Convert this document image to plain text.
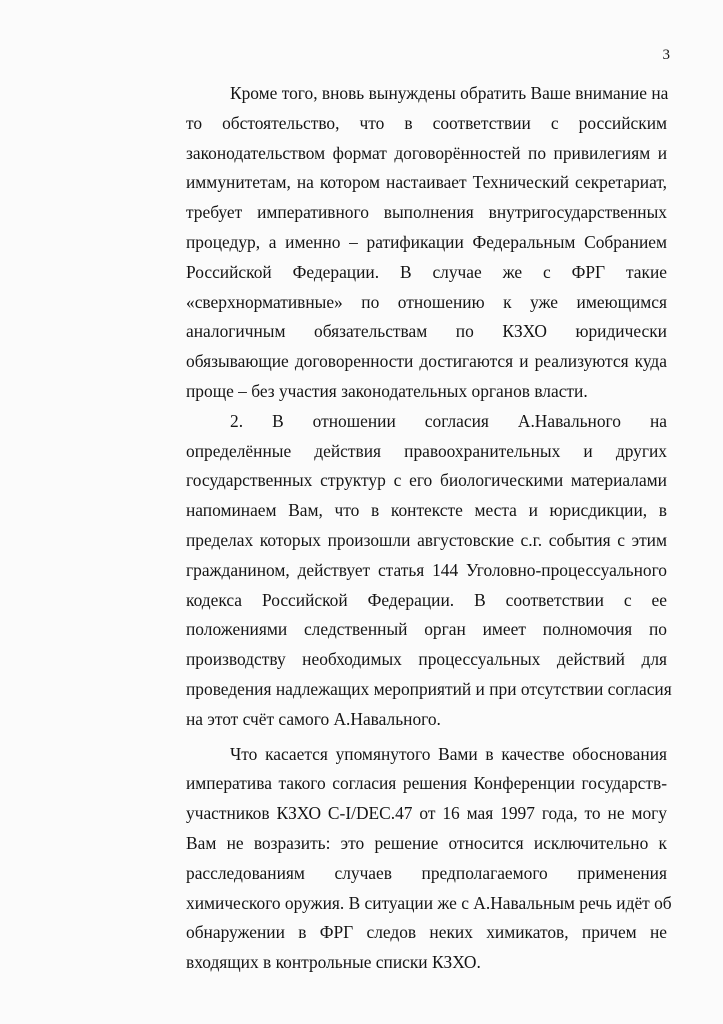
3
Кроме того, вновь вынуждены обратить Ваше внимание на
то обстоятельство, что в соответствии с российским
законодательством формат договорённостей по привилегиям и
иммунитетам, на котором настаивает Технический секретариат,
требует императивного выполнения внутригосударственных
процедур, а именно – ратификации Федеральным Собранием
Российской Федерации. В случае же с ФРГ такие
«сверхнормативные» по отношению к уже имеющимся
аналогичным обязательствам по КЗХО юридически
обязывающие договоренности достигаются и реализуются куда
проще – без участия законодательных органов власти.
2. В отношении согласия А.Навального на
определённые действия правоохранительных и других
государственных структур с его биологическими материалами
напоминаем Вам, что в контексте места и юрисдикции, в
пределах которых произошли августовские с.г. события с этим
гражданином, действует статья 144 Уголовно-процессуального
кодекса Российской Федерации. В соответствии с ее
положениями следственный орган имеет полномочия по
производству необходимых процессуальных действий для
проведения надлежащих мероприятий и при отсутствии согласия
на этот счёт самого А.Навального.
Что касается упомянутого Вами в качестве обоснования
императива такого согласия решения Конференции государств-
участников КЗХО C-I/DEC.47 от 16 мая 1997 года, то не могу
Вам не возразить: это решение относится исключительно к
расследованиям случаев предполагаемого применения
химического оружия. В ситуации же с А.Навальным речь идёт об
обнаружении в ФРГ следов неких химикатов, причем не
входящих в контрольные списки КЗХО.
